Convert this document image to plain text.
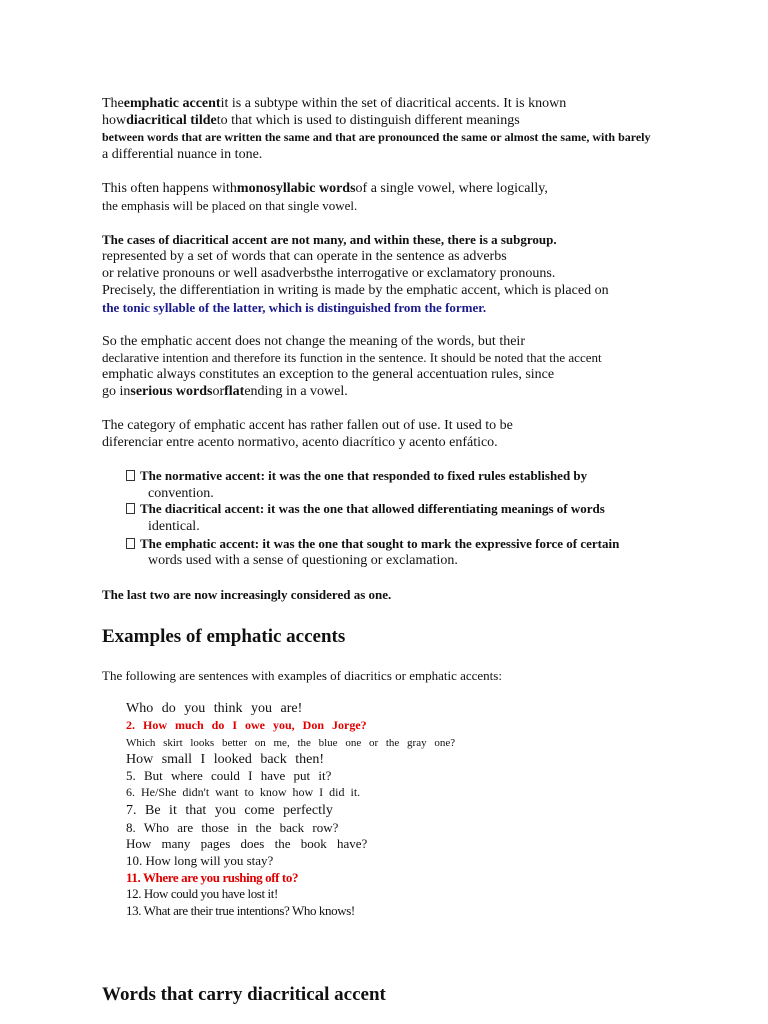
Theemphatic accentit is a subtype within the set of diacritical accents. It is known
howdiacritical tildeto that which is used to distinguish different meanings
between words that are written the same and that are pronounced the same or almost the same, with barely
a differential nuance in tone.
This often happens withmonosyllabic wordsof a single vowel, where logically,
the emphasis will be placed on that single vowel.
The cases of diacritical accent are not many, and within these, there is a subgroup.
represented by a set of words that can operate in the sentence as adverbs
or relative pronouns or well asadverbsthe interrogative or exclamatory pronouns.
Precisely, the differentiation in writing is made by the emphatic accent, which is placed on
the tonic syllable of the latter, which is distinguished from the former.
So the emphatic accent does not change the meaning of the words, but their
declarative intention and therefore its function in the sentence. It should be noted that the accent
emphatic always constitutes an exception to the general accentuation rules, since
go inserious wordsorflatending in a vowel.
The category of emphatic accent has rather fallen out of use. It used to be
diferenciar entre acento normativo, acento diacrítico y acento enfático.
The normative accent: it was the one that responded to fixed rules established by
convention.
The diacritical accent: it was the one that allowed differentiating meanings of words
identical.
The emphatic accent: it was the one that sought to mark the expressive force of certain
words used with a sense of questioning or exclamation.
The last two are now increasingly considered as one.
Examples of emphatic accents
The following are sentences with examples of diacritics or emphatic accents:
Who do you think you are!
2. How much do I owe you, Don Jorge?
Which skirt looks better on me, the blue one or the gray one?
How small I looked back then!
5. But where could I have put it?
6. He/She didn't want to know how I did it.
7. Be it that you come perfectly
8. Who are those in the back row?
How many pages does the book have?
10. How long will you stay?
11. Where are you rushing off to?
12. How could you have lost it!
13. What are their true intentions? Who knows!
Words that carry diacritical accent
